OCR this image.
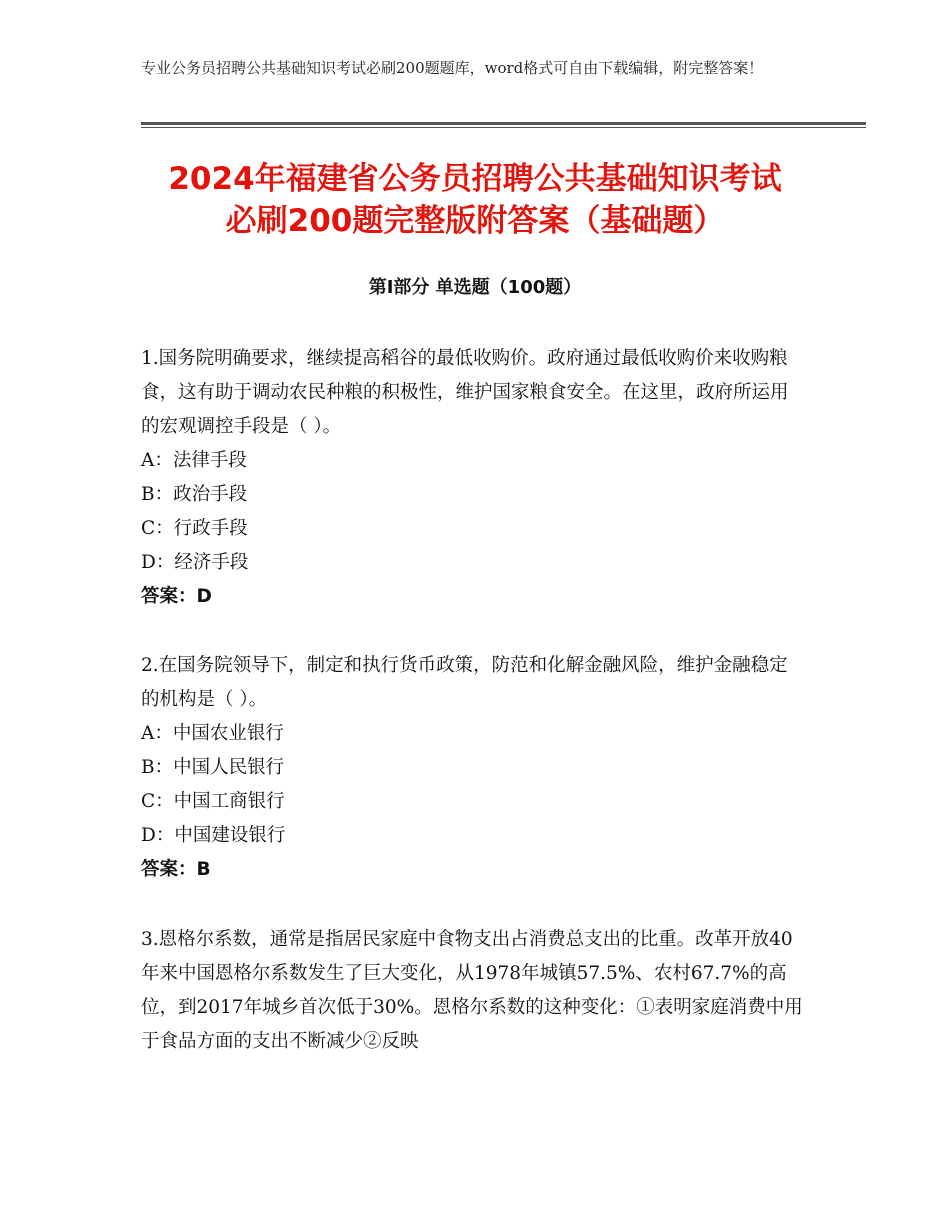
专业公务员招聘公共基础知识考试必刷200题题库，word格式可自由下载编辑，附完整答案！
2024年福建省公务员招聘公共基础知识考试
必刷200题完整版附答案（基础题）
第Ⅰ部分 单选题（100题）

1.国务院明确要求，继续提高稻谷的最低收购价。政府通过最低收购价来收购粮食，这有助于调动农民种粮的积极性，维护国家粮食安全。在这里，政府所运用的宏观调控手段是（ ）。

A：法律手段

B：政治手段

C：行政手段

D：经济手段

答案：D

2.在国务院领导下，制定和执行货币政策，防范和化解金融风险，维护金融稳定的机构是（ ）。

A：中国农业银行

B：中国人民银行

C：中国工商银行

D：中国建设银行

答案：B

3.恩格尔系数，通常是指居民家庭中食物支出占消费总支出的比重。改革开放40年来中国恩格尔系数发生了巨大变化，从1978年城镇57.5%、农村67.7%的高位，到2017年城乡首次低于30%。恩格尔系数的这种变化：①表明家庭消费中用于食品方面的支出不断减少②反映
